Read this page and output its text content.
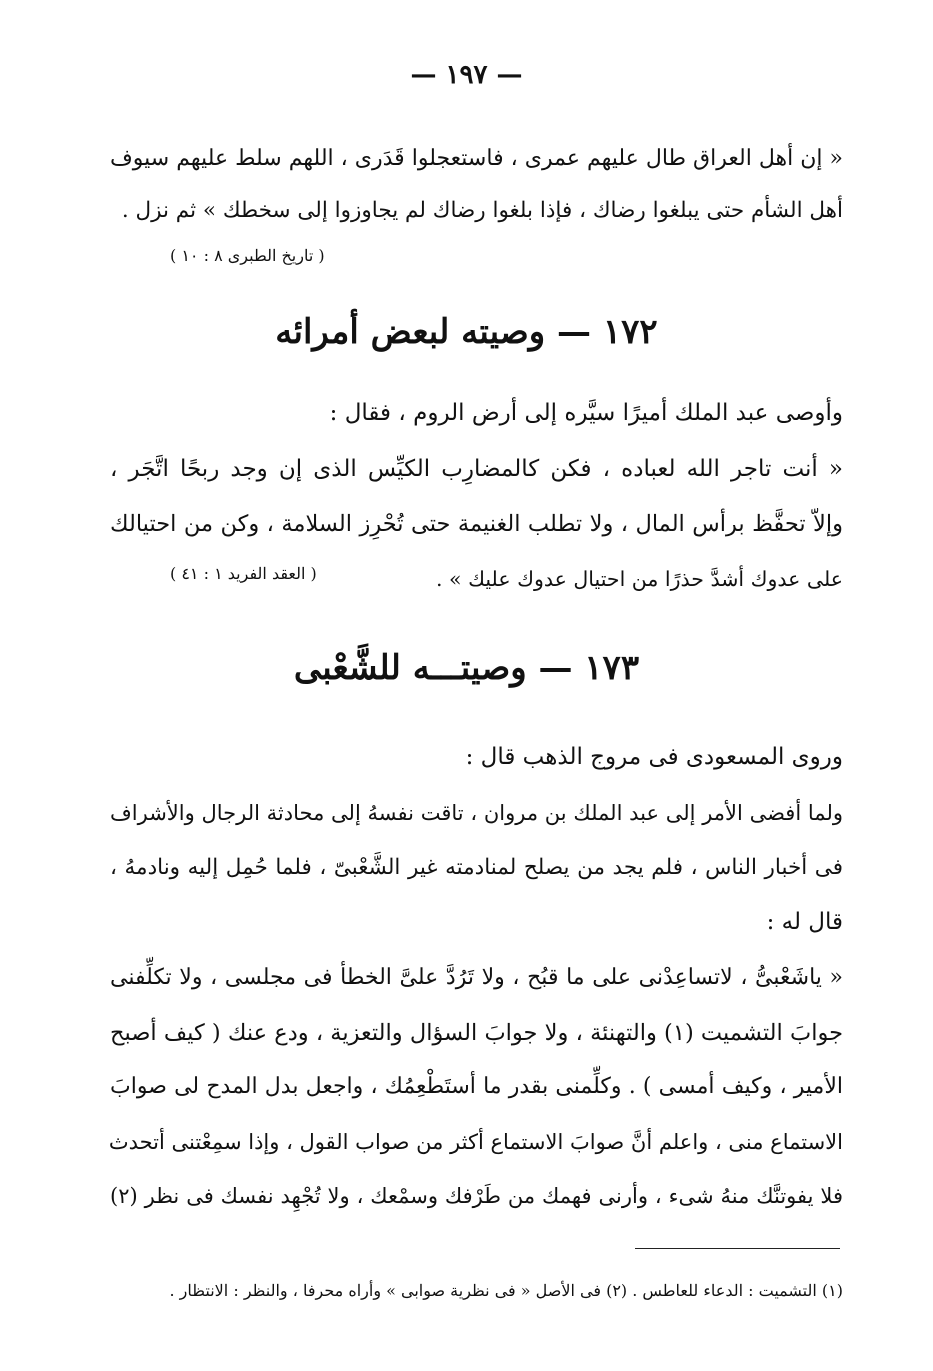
— ١٩٧ —
« إن أهل العراق طال عليهم عمرى ، فاستعجلوا قَدَرى ، اللهم سلط عليهم سيوف
أهل الشأم حتى يبلغوا رضاك ، فإذا بلغوا رضاك لم يجاوزوا إلى سخطك » ثم نزل .
( تاريخ الطبرى ٨ : ١٠ )
١٧٢ — وصيته لبعض أمرائه
وأوصى عبد الملك أميرًا سيَّره إلى أرض الروم ، فقال :
« أنت تاجر الله لعباده ، فكن كالمضارِب الكيِّس الذى إن وجد ربحًا اتَّجَر ،
وإلاّ تحفَّظ برأس المال ، ولا تطلب الغنيمة حتى تُحْرِز السلامة ، وكن من احتيالك
على عدوك أشدَّ حذرًا من احتيال عدوك عليك » .
( العقد الفريد ١ : ٤١ )
١٧٣ — وصيتـــه للشَّعْبى
وروى المسعودى فى مروج الذهب قال :
ولما أفضى الأمر إلى عبد الملك بن مروان ، تاقت نفسهُ إلى محادثة الرجال والأشراف
فى أخبار الناس ، فلم يجد من يصلح لمنادمته غير الشَّعْبىّ ، فلما حُمِل إليه ونادمهُ ،
قال له :
« ياشَعْبىُّ ، لاتساعِدْنى على ما قبُح ، ولا تَرُدَّ علىَّ الخطأ فى مجلسى ، ولا تكلِّفنى
جوابَ التشميت (١) والتهنئة ، ولا جوابَ السؤال والتعزية ، ودع عنك ( كيف أصبح
الأمير ، وكيف أمسى ) . وكلِّمنى بقدر ما أستَطْعِمُك ، واجعل بدل المدح لى صوابَ
الاستماع منى ، واعلم أنَّ صوابَ الاستماع أكثر من صواب القول ، وإذا سمِعْتنى أتحدث
فلا يفوتنَّك منهُ شىء ، وأرنى فهمك من طَرْفك وسمْعك ، ولا تُجْهِد نفسك فى نظر (٢)
(١) التشميت : الدعاء للعاطس . (٢) فى الأصل « فى نظرية صوابى » وأراه محرفا ، والنظر : الانتظار .
